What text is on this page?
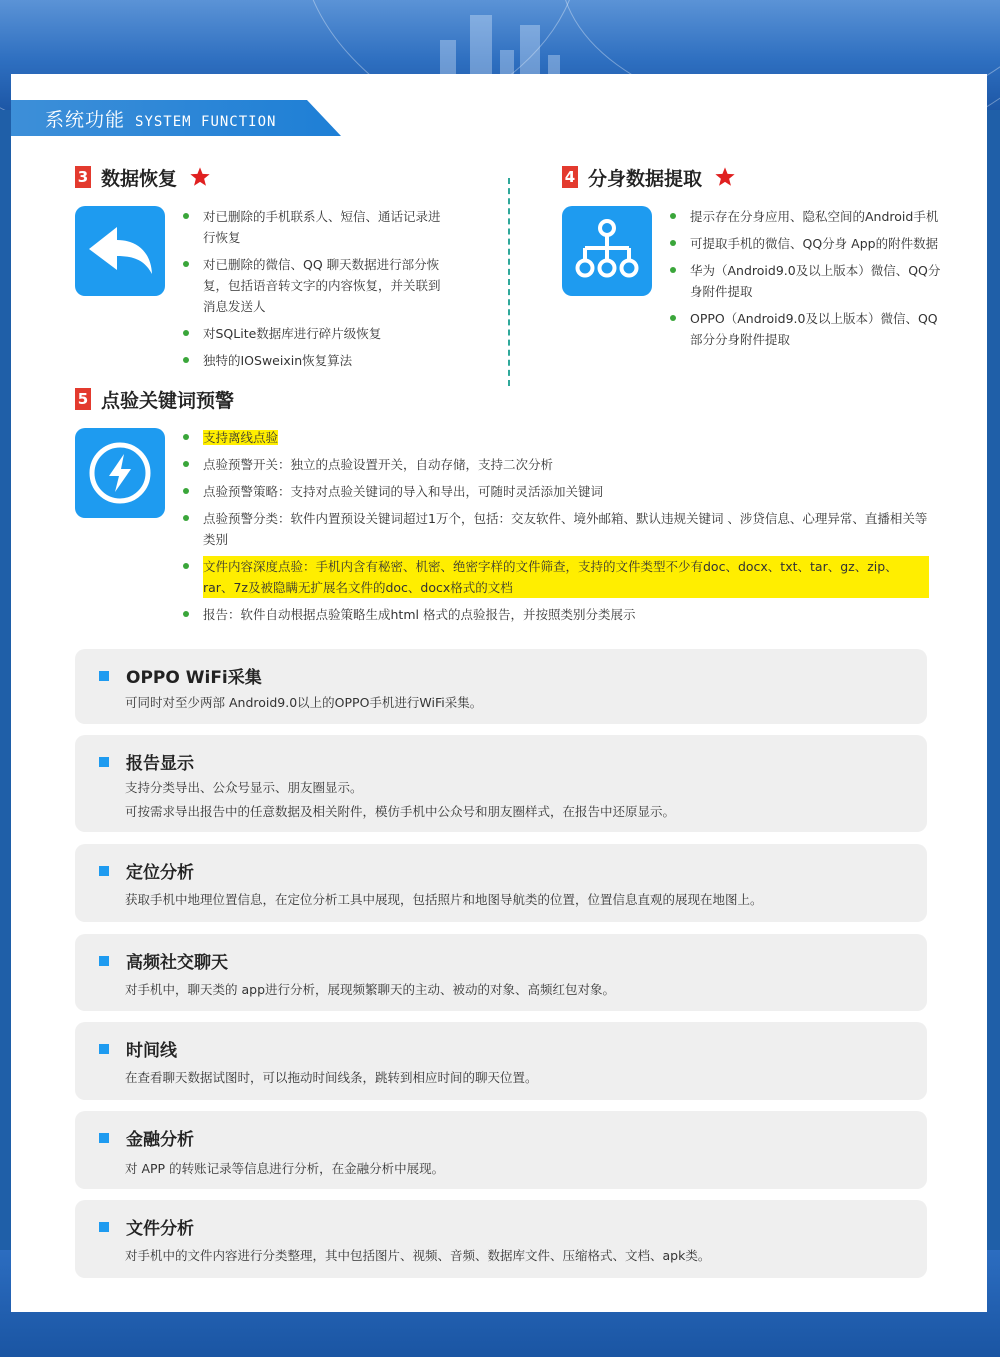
系统功能 SYSTEM FUNCTION
3 数据恢复
对已删除的手机联系人、短信、通话记录进行恢复
对已删除的微信、QQ 聊天数据进行部分恢复，包括语音转文字的内容恢复，并关联到消息发送人
对SQLite数据库进行碎片级恢复
独特的IOSweixin恢复算法
4 分身数据提取
提示存在分身应用、隐私空间的Android手机
可提取手机的微信、QQ分身 App的附件数据
华为（Android9.0及以上版本）微信、QQ分身附件提取
OPPO（Android9.0及以上版本）微信、QQ 部分分身附件提取
5 点验关键词预警
支持离线点验
点验预警开关：独立的点验设置开关，自动存储，支持二次分析
点验预警策略：支持对点验关键词的导入和导出，可随时灵活添加关键词
点验预警分类：软件内置预设关键词超过1万个，包括：交友软件、境外邮箱、默认违规关键词 、涉贷信息、心理异常、直播相关等类别
文件内容深度点验：手机内含有秘密、机密、绝密字样的文件筛查，支持的文件类型不少有doc、docx、txt、tar、gz、zip、rar、7z及被隐瞒无扩展名文件的doc、docx格式的文档
报告：软件自动根据点验策略生成html 格式的点验报告，并按照类别分类展示
OPPO WiFi采集
可同时对至少两部 Android9.0以上的OPPO手机进行WiFi采集。
报告显示
支持分类导出、公众号显示、朋友圈显示。
可按需求导出报告中的任意数据及相关附件，模仿手机中公众号和朋友圈样式，在报告中还原显示。
定位分析
获取手机中地理位置信息，在定位分析工具中展现，包括照片和地图导航类的位置，位置信息直观的展现在地图上。
高频社交聊天
对手机中，聊天类的 app进行分析，展现频繁聊天的主动、被动的对象、高频红包对象。
时间线
在查看聊天数据试图时，可以拖动时间线条，跳转到相应时间的聊天位置。
金融分析
对 APP 的转账记录等信息进行分析，在金融分析中展现。
文件分析
对手机中的文件内容进行分类整理，其中包括图片、视频、音频、数据库文件、压缩格式、文档、apk类。
